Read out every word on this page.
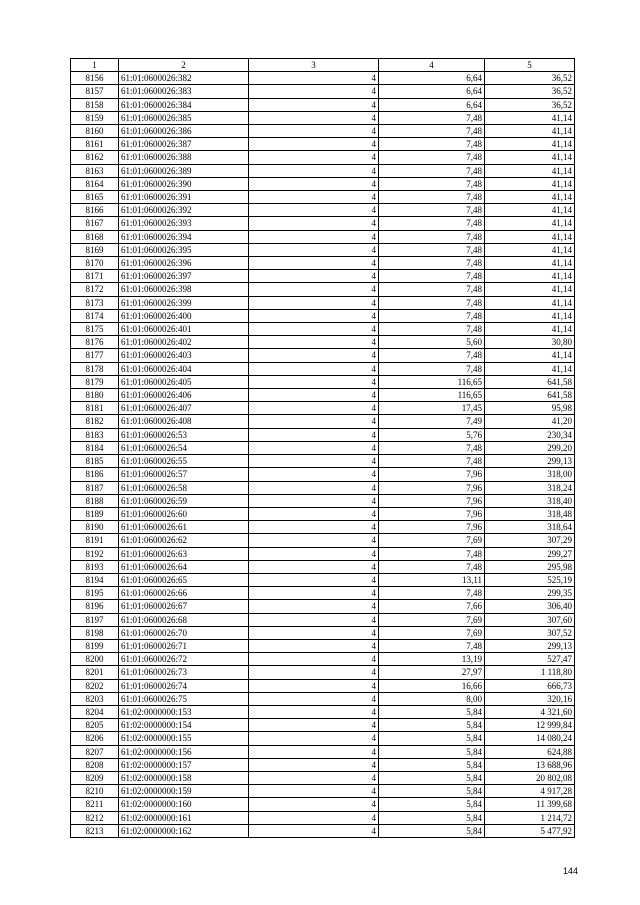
1	2	3	4	5
8156	61:01:0600026:382	4	6,64	36,52
8157	61:01:0600026:383	4	6,64	36,52
8158	61:01:0600026:384	4	6,64	36,52
8159	61:01:0600026:385	4	7,48	41,14
8160	61:01:0600026:386	4	7,48	41,14
8161	61:01:0600026:387	4	7,48	41,14
8162	61:01:0600026:388	4	7,48	41,14
8163	61:01:0600026:389	4	7,48	41,14
8164	61:01:0600026:390	4	7,48	41,14
8165	61:01:0600026:391	4	7,48	41,14
8166	61:01:0600026:392	4	7,48	41,14
8167	61:01:0600026:393	4	7,48	41,14
8168	61:01:0600026:394	4	7,48	41,14
8169	61:01:0600026:395	4	7,48	41,14
8170	61:01:0600026:396	4	7,48	41,14
8171	61:01:0600026:397	4	7,48	41,14
8172	61:01:0600026:398	4	7,48	41,14
8173	61:01:0600026:399	4	7,48	41,14
8174	61:01:0600026:400	4	7,48	41,14
8175	61:01:0600026:401	4	7,48	41,14
8176	61:01:0600026:402	4	5,60	30,80
8177	61:01:0600026:403	4	7,48	41,14
8178	61:01:0600026:404	4	7,48	41,14
8179	61:01:0600026:405	4	116,65	641,58
8180	61:01:0600026:406	4	116,65	641,58
8181	61:01:0600026:407	4	17,45	95,98
8182	61:01:0600026:408	4	7,49	41,20
8183	61:01:0600026:53	4	5,76	230,34
8184	61:01:0600026:54	4	7,48	299,20
8185	61:01:0600026:55	4	7,48	299,13
8186	61:01:0600026:57	4	7,96	318,00
8187	61:01:0600026:58	4	7,96	318,24
8188	61:01:0600026:59	4	7,96	318,40
8189	61:01:0600026:60	4	7,96	318,48
8190	61:01:0600026:61	4	7,96	318,64
8191	61:01:0600026:62	4	7,69	307,29
8192	61:01:0600026:63	4	7,48	299,27
8193	61:01:0600026:64	4	7,48	295,98
8194	61:01:0600026:65	4	13,11	525,19
8195	61:01:0600026:66	4	7,48	299,35
8196	61:01:0600026:67	4	7,66	306,40
8197	61:01:0600026:68	4	7,69	307,60
8198	61:01:0600026:70	4	7,69	307,52
8199	61:01:0600026:71	4	7,48	299,13
8200	61:01:0600026:72	4	13,19	527,47
8201	61:01:0600026:73	4	27,97	1 118,80
8202	61:01:0600026:74	4	16,66	666,73
8203	61:01:0600026:75	4	8,00	320,16
8204	61:02:0000000:153	4	5,84	4 321,60
8205	61:02:0000000:154	4	5,84	12 999,84
8206	61:02:0000000:155	4	5,84	14 080,24
8207	61:02:0000000:156	4	5,84	624,88
8208	61:02:0000000:157	4	5,84	13 688,96
8209	61:02:0000000:158	4	5,84	20 802,08
8210	61:02:0000000:159	4	5,84	4 917,28
8211	61:02:0000000:160	4	5,84	11 399,68
8212	61:02:0000000:161	4	5,84	1 214,72
8213	61:02:0000000:162	4	5,84	5 477,92
144
